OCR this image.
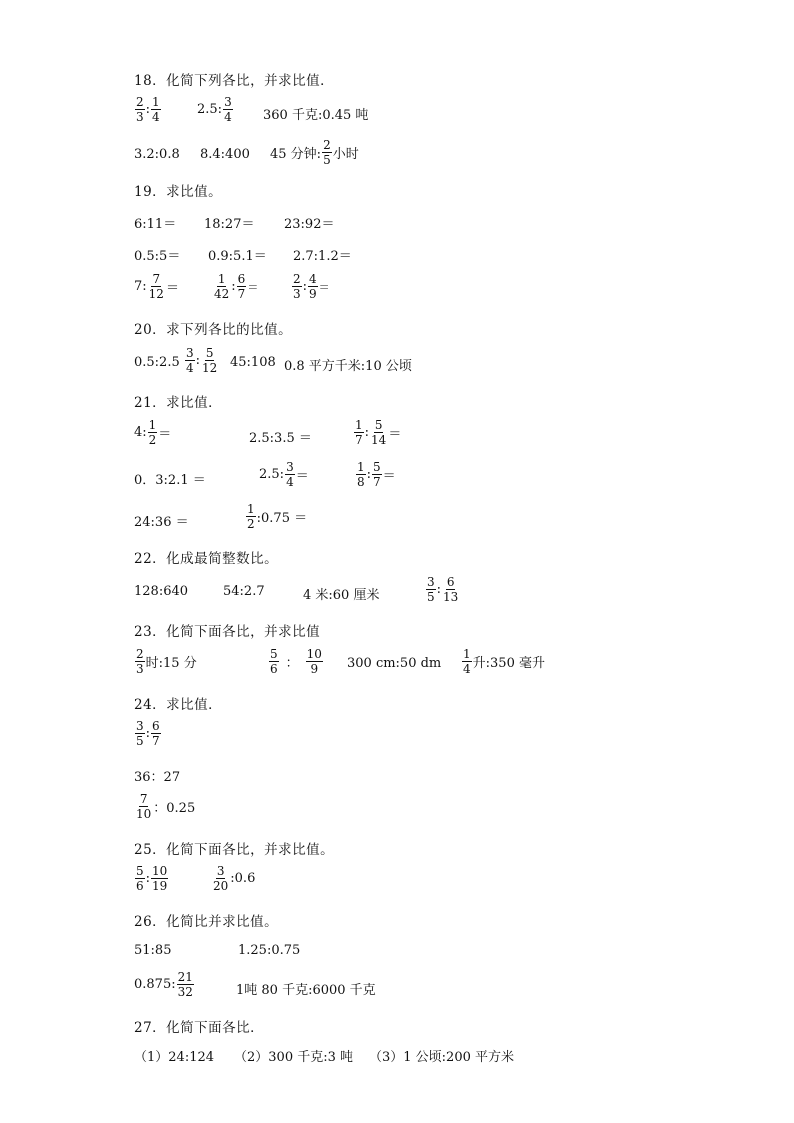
18．化简下列各比，并求比值．
$\frac{2}{3}$ : $\frac{1}{4}$	2.5: $\frac{3}{4} 360$ 千克:0.45 吨
3.2:0.8 8.4:400 45 分钟: $\frac{2}{5}$ 小时
19．求比值。
6:11＝ 18:27＝ 23:92＝
0.5:5＝ 0.9:5.1＝ 2.7:1.2＝
7: $\frac{7}{12}$ ＝	$\frac{1}{42}$ : $\frac{6}{7}$ ＝	$\frac{2}{3}$ : $\frac{4}{9}$ ＝
20．求下列各比的比值。
0.5:2.5 $\frac{3}{4}$ : $\frac{5}{12}$ 45:108 0.8 平方千米:10 公顷
21．求比值．
4: $\frac{1}{2}$ ＝	2.5:3.5 ＝	$\frac{1}{7}$ : $\frac{5}{14}$ ＝
0．3:2.1 ＝	2.5: $\frac{3}{4}$ ＝	$\frac{1}{8}$ : $\frac{5}{7}$ ＝
24:36 ＝	$\frac{1}{2}$ :0.75 ＝
22．化成最简整数比。
128:640	54:2.7	4 米:60 厘米	$\frac{3}{5}$ : $\frac{6}{13}$
23．化简下面各比，并求比值
$\frac{2}{3}$ 时:15 分	$\frac{5}{6}$ ： $\frac{10}{9} 300$ cm:50 dm $\frac{1}{4}$ 升:350 毫升
24．求比值．
$\frac{3}{5}$ : $\frac{6}{7}$
36：27
$\frac{7}{10}$ ：0.25
25．化简下面各比，并求比值。
$\frac{5}{6}$ : $\frac{10}{19}$	$\frac{3}{20}$ :0.6
26．化简比并求比值。
51:85	1.25:0.75
0.875: $\frac{21}{32}$	1吨 80 千克:6000 千克
27．化简下面各比．
（1）24:124 （2）300 千克:3 吨 （3）1 公顷:200 平方米
